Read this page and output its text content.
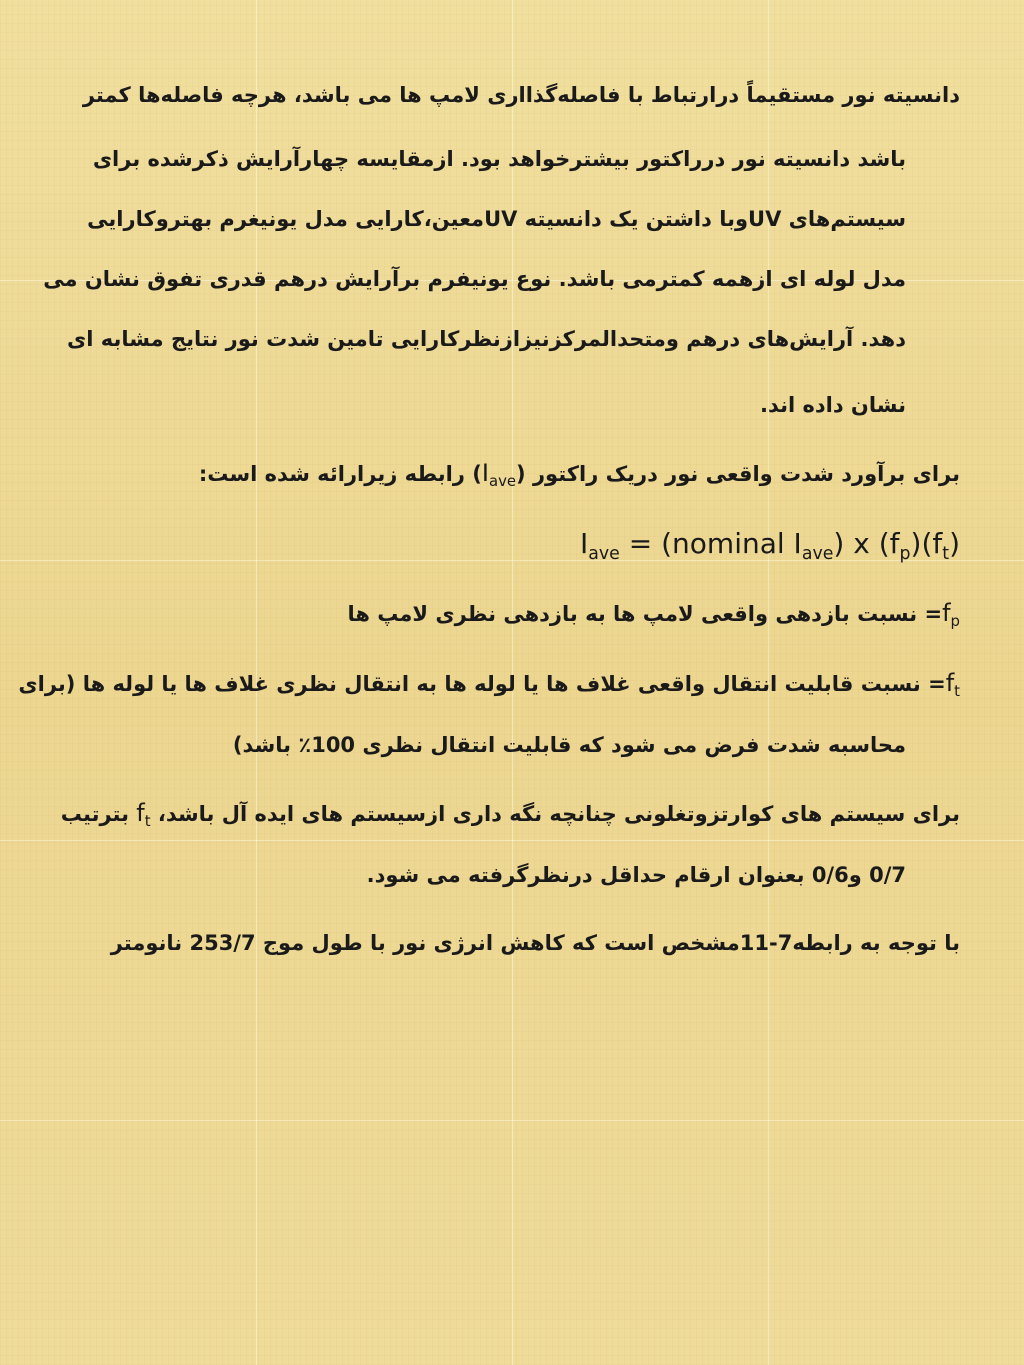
دانسیته نور مستقیماً درارتباط با فاصله‌گذااری لامپ ها می باشد، هرچه فاصله‌ها کمتر
باشد دانسیته نور درراکتور بیشترخواهد بود. ازمقایسه چهارآرایش ذکرشده برای
سیستم‌های UVوبا داشتن یک دانسیته UVمعین،کارایی مدل یونیغرم بهتروکارایی
مدل لوله ای ازهمه کمترمی باشد. نوع یونیفرم برآرایش درهم قدری تفوق نشان می
دهد. آرایش‌های درهم ومتحدالمرکزنیزازنظرکارایی تامین شدت نور نتایج مشابه ای
نشان داده اند.
برای برآورد شدت واقعی نور دریک راکتور $(I_{ave})$ رابطه زیرارائه شده است:
$I_{ave}$ = (nominal $I_{ave}$) x $(f_p)(f_t)$
$f_p=$ نسبت بازدهی واقعی لامپ ها به بازدهی نظری لامپ ها
$f_t=$ نسبت قابلیت انتقال واقعی غلاف ها یا لوله ها به انتقال نظری غلاف ها یا لوله ها (برای
محاسبه شدت فرض می شود که قابلیت انتقال نظری 100٪ باشد)
برای سیستم های کوارتزوتغلونی چنانچه نگه داری ازسیستم های ایده آل باشد، $f_t$ بترتیب
0/7 و0/6 بعنوان ارقام حداقل درنظرگرفته می شود.
با توجه به رابطه7-11مشخص است که کاهش انرژی نور با طول موج 253/7 نانومتر
